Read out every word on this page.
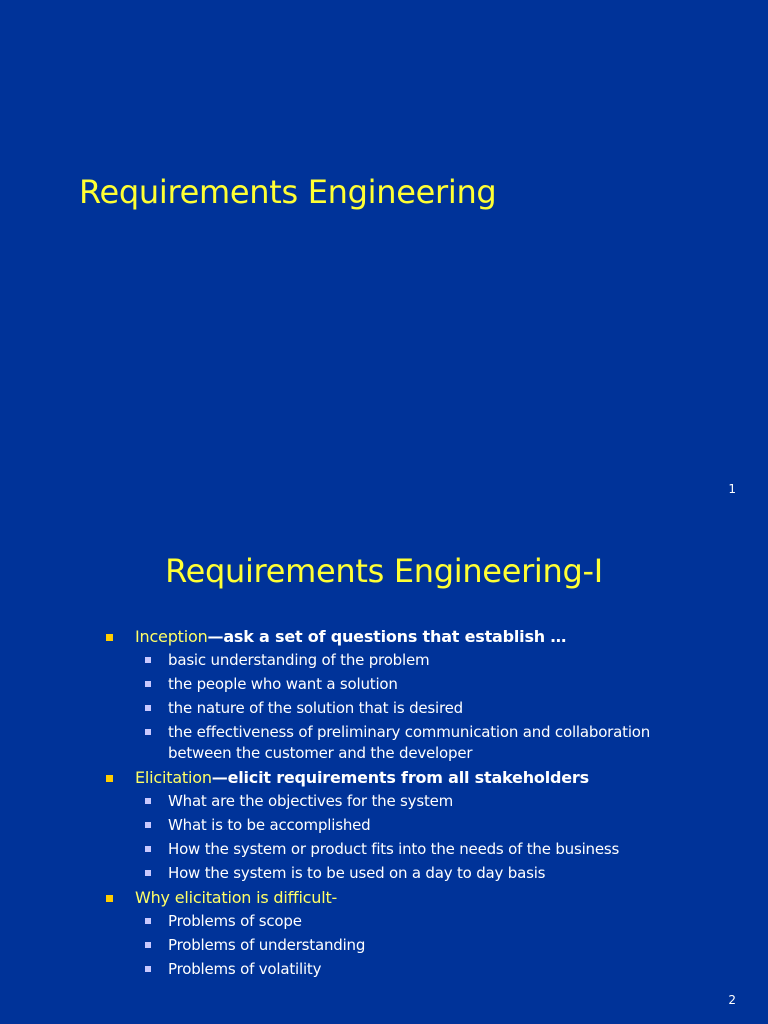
Requirements Engineering
1
Requirements Engineering-I
Inception—ask a set of questions that establish …
basic understanding of the problem
the people who want a solution
the nature of the solution that is desired
the effectiveness of preliminary communication and collaboration between the customer and the developer
Elicitation—elicit requirements from all stakeholders
What are the objectives for the system
What is to be accomplished
How the system or product fits into the needs of the business
How the system is to be used on a day to day basis
Why elicitation is difficult-
Problems of scope
Problems of understanding
Problems of volatility
2
